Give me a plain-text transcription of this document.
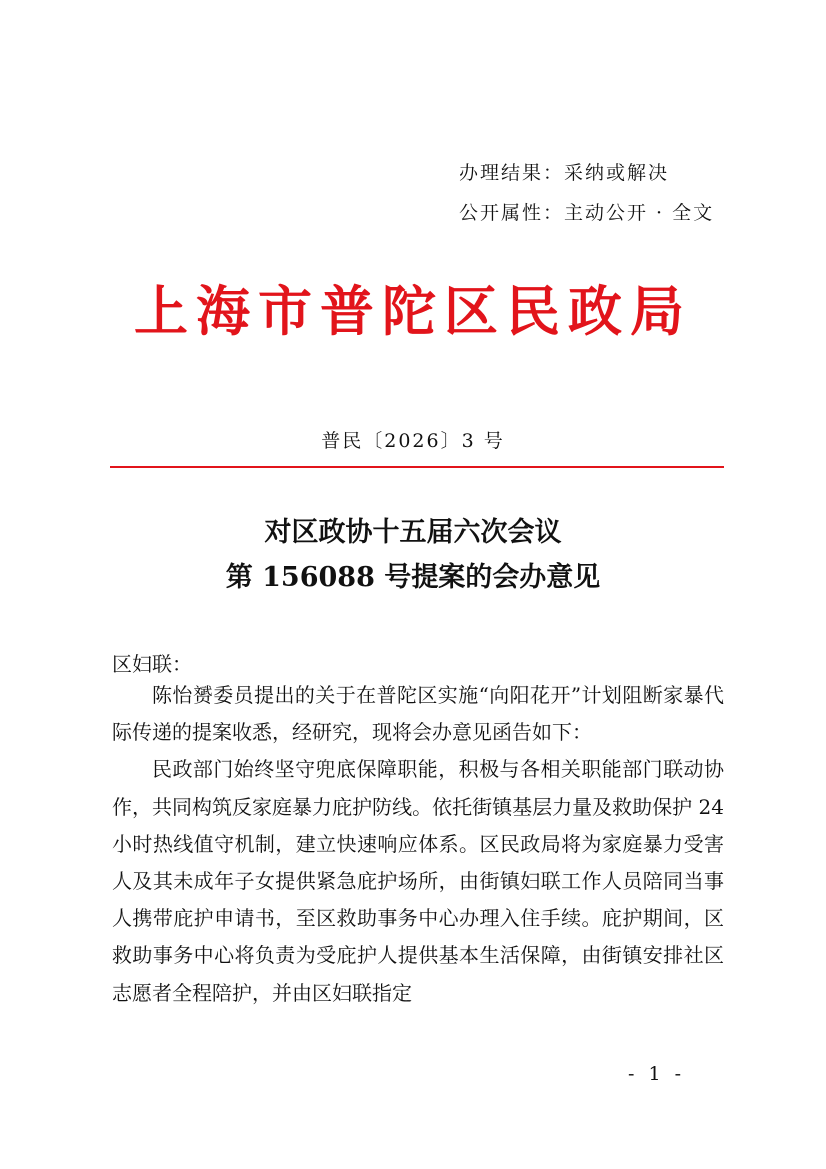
办理结果：采纳或解决
公开属性：主动公开 · 全文
上海市普陀区民政局
普民〔2026〕3 号
对区政协十五届六次会议
第 156088 号提案的会办意见
区妇联：

陈怡赟委员提出的关于在普陀区实施“向阳花开”计划阻断家暴代际传递的提案收悉，经研究，现将会办意见函告如下：

民政部门始终坚守兜底保障职能，积极与各相关职能部门联动协作，共同构筑反家庭暴力庇护防线。依托街镇基层力量及救助保护 24 小时热线值守机制，建立快速响应体系。区民政局将为家庭暴力受害人及其未成年子女提供紧急庇护场所，由街镇妇联工作人员陪同当事人携带庇护申请书，至区救助事务中心办理入住手续。庇护期间，区救助事务中心将负责为受庇护人提供基本生活保障，由街镇安排社区志愿者全程陪护，并由区妇联指定

- 1 -
